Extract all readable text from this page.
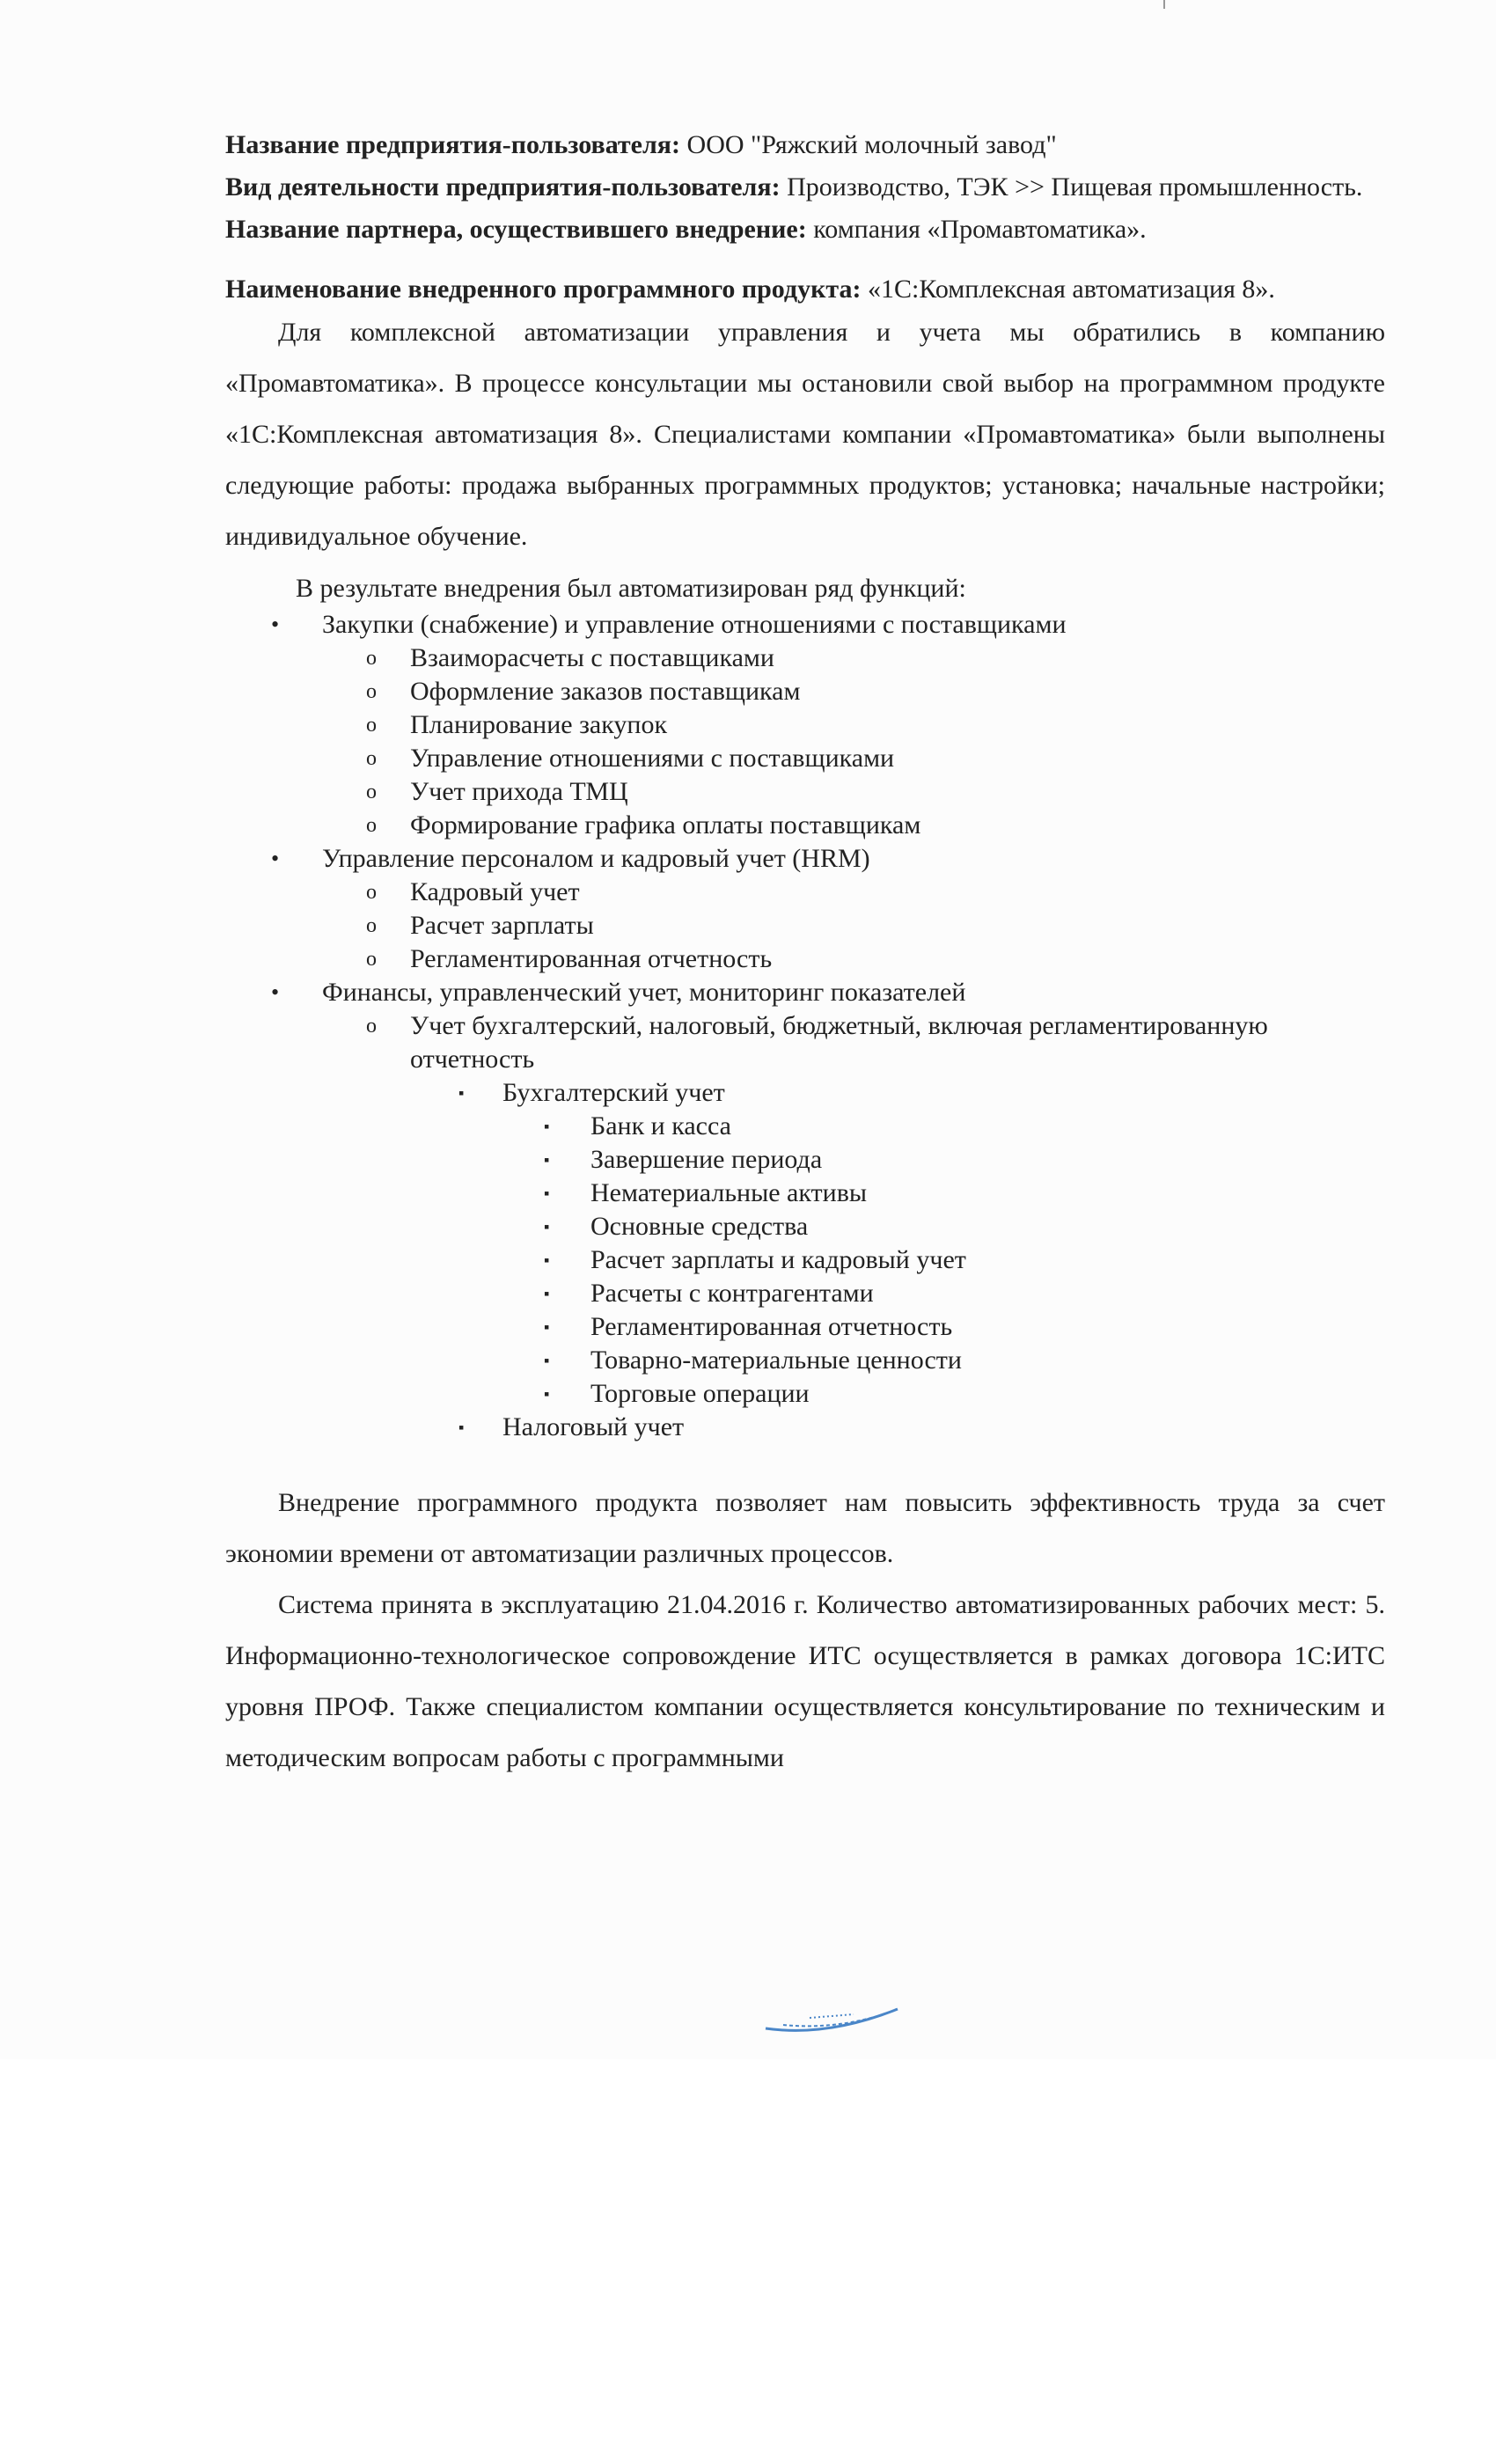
Название предприятия-пользователя: ООО "Ряжский молочный завод"

Вид деятельности предприятия-пользователя: Производство, ТЭК >> Пищевая промышленность.

Название партнера, осуществившего внедрение: компания «Промавтоматика».

Наименование внедренного программного продукта: «1С:Комплексная автоматизация 8».

Для комплексной автоматизации управления и учета мы обратились в компанию «Промавтоматика». В процессе консультации мы остановили свой выбор на программном продукте «1С:Комплексная автоматизация 8». Специалистами компании «Промавтоматика» были выполнены следующие работы: продажа выбранных программных продуктов; установка; начальные настройки; индивидуальное обучение.

В результате внедрения был автоматизирован ряд функций:

• Закупки (снабжение) и управление отношениями с поставщиками
o Взаиморасчеты с поставщиками
o Оформление заказов поставщикам
o Планирование закупок
o Управление отношениями с поставщиками
o Учет прихода ТМЦ
o Формирование графика оплаты поставщикам
• Управление персоналом и кадровый учет (HRM)
o Кадровый учет
o Расчет зарплаты
o Регламентированная отчетность
• Финансы, управленческий учет, мониторинг показателей
o Учет бухгалтерский, налоговый, бюджетный, включая регламентированную отчетность
▪ Бухгалтерский учет
▪ Банк и касса
▪ Завершение периода
▪ Нематериальные активы
▪ Основные средства
▪ Расчет зарплаты и кадровый учет
▪ Расчеты с контрагентами
▪ Регламентированная отчетность
▪ Товарно-материальные ценности
▪ Торговые операции
▪ Налоговый учет

Внедрение программного продукта позволяет нам повысить эффективность труда за счет экономии времени от автоматизации различных процессов.

Система принята в эксплуатацию 21.04.2016 г. Количество автоматизированных рабочих мест: 5. Информационно-технологическое сопровождение ИТС осуществляется в рамках договора 1С:ИТС уровня ПРОФ. Также специалистом компании осуществляется консультирование по техническим и методическим вопросам работы с программными
